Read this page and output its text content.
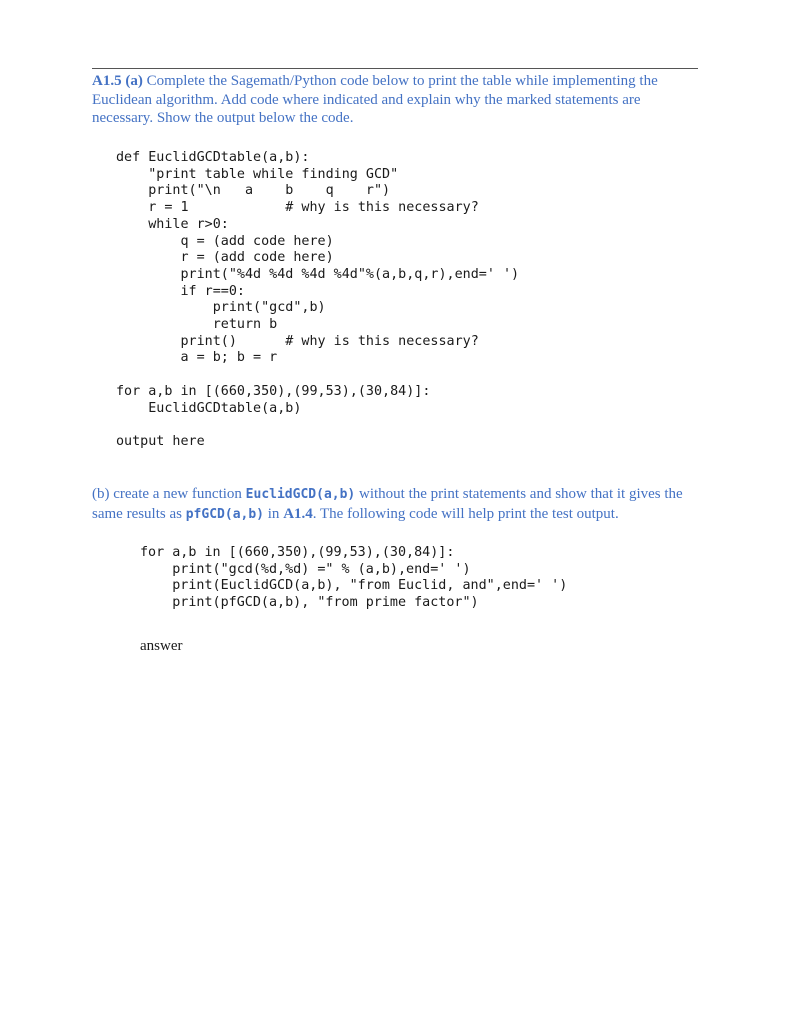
A1.5 (a) Complete the Sagemath/Python code below to print the table while implementing the Euclidean algorithm. Add code where indicated and explain why the marked statements are necessary. Show the output below the code.

def EuclidGCDtable(a,b):
"print table while finding GCD"
print("\n   a    b    q    r")
r = 1            # why is this necessary?
while r>0:
q = (add code here)
r = (add code here)
print("%4d %4d %4d %4d"%(a,b,q,r),end=' ')
if r==0:
print("gcd",b)
return b
print()      # why is this necessary?
a = b; b = r

for a,b in [(660,350),(99,53),(30,84)]:
EuclidGCDtable(a,b)
output here

(b) create a new function EuclidGCD(a,b) without the print statements and show that it gives the same results as pfGCD(a,b) in A1.4. The following code will help print the test output.

for a,b in [(660,350),(99,53),(30,84)]:
print("gcd(%d,%d) =" % (a,b),end=' ')
print(EuclidGCD(a,b), "from Euclid, and",end=' ')
print(pfGCD(a,b), "from prime factor")

answer
